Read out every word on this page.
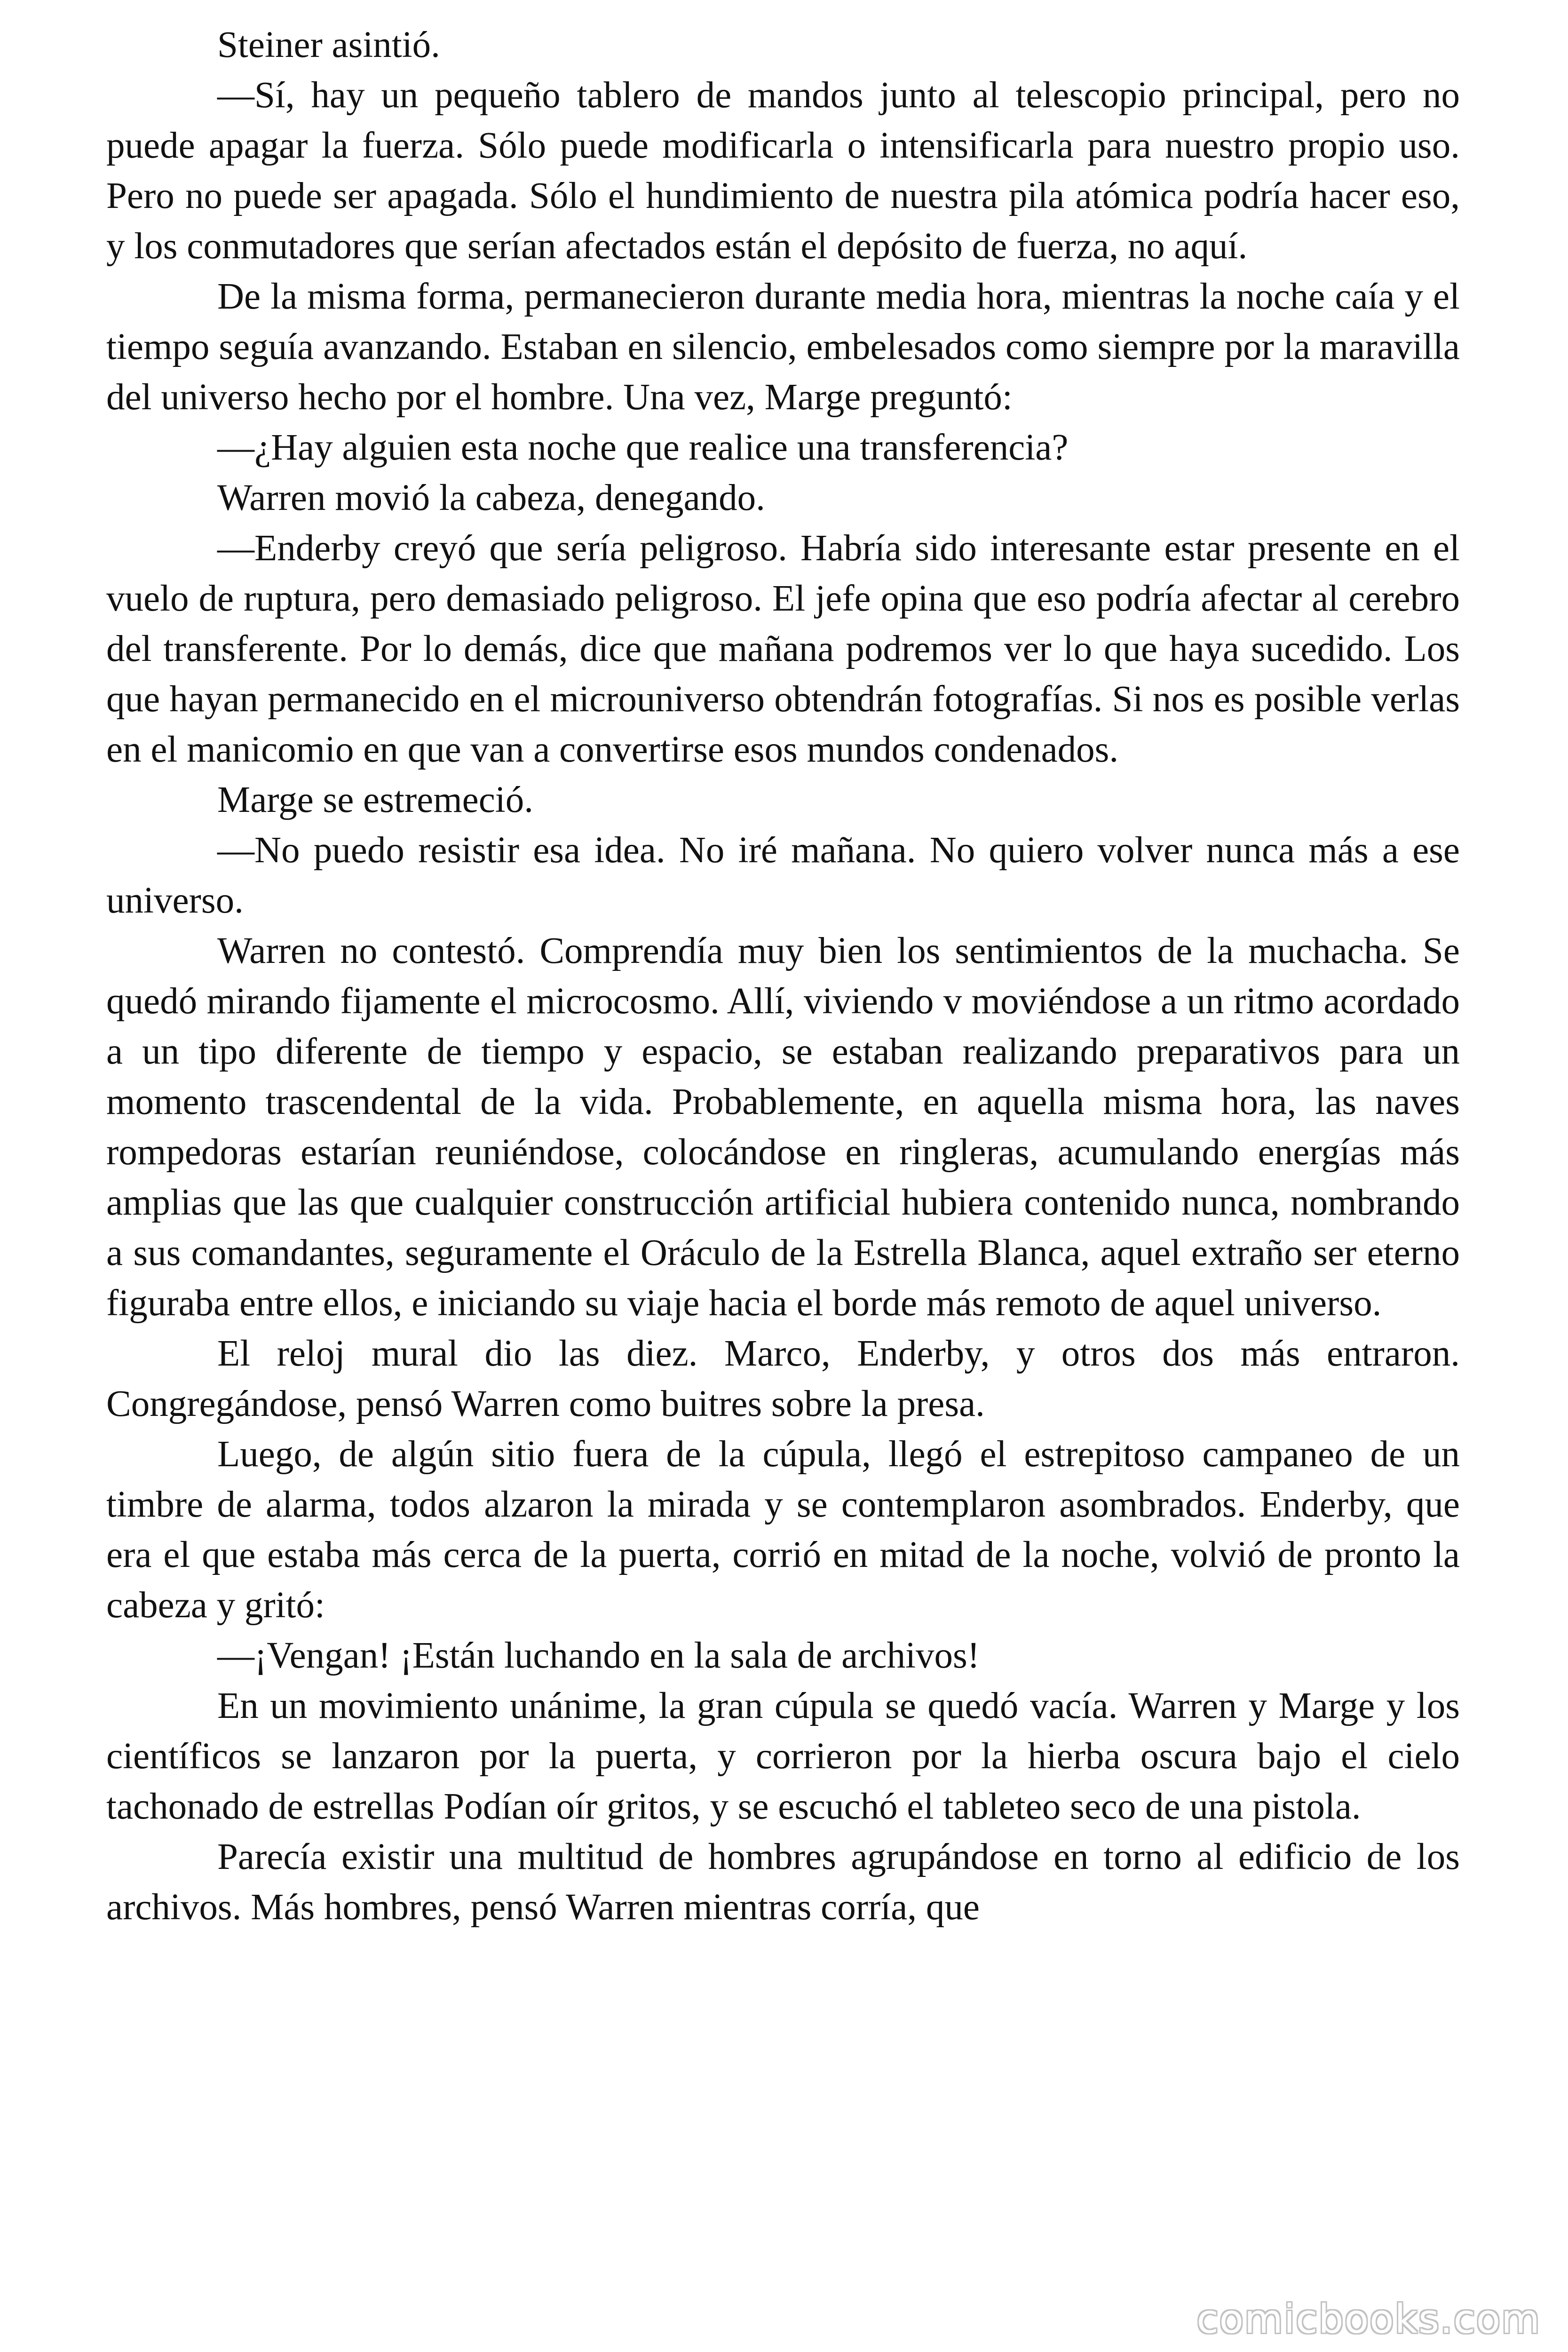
Steiner asintió.

—Sí, hay un pequeño tablero de mandos junto al telescopio principal, pero no puede apagar la fuerza. Sólo puede modificarla o intensificarla para nuestro propio uso. Pero no puede ser apagada. Sólo el hundimiento de nuestra pila atómica podría hacer eso, y los conmutadores que serían afectados están el depósito de fuerza, no aquí.

De la misma forma, permanecieron durante media hora, mientras la noche caía y el tiempo seguía avanzando. Estaban en silencio, embelesados como siempre por la maravilla del universo hecho por el hombre. Una vez, Marge preguntó:

—¿Hay alguien esta noche que realice una transferencia?

Warren movió la cabeza, denegando.

—Enderby creyó que sería peligroso. Habría sido interesante estar presente en el vuelo de ruptura, pero demasiado peligroso. El jefe opina que eso podría afectar al cerebro del transferente. Por lo demás, dice que mañana podremos ver lo que haya sucedido. Los que hayan permanecido en el microuniverso obtendrán fotografías. Si nos es posible verlas en el manicomio en que van a convertirse esos mundos condenados.

Marge se estremeció.

—No puedo resistir esa idea. No iré mañana. No quiero volver nunca más a ese universo.

Warren no contestó. Comprendía muy bien los sentimientos de la muchacha. Se quedó mirando fijamente el microcosmo. Allí, viviendo v moviéndose a un ritmo acordado a un tipo diferente de tiempo y espacio, se estaban realizando preparativos para un momento trascendental de la vida. Probablemente, en aquella misma hora, las naves rompedoras estarían reuniéndose, colocándose en ringleras, acumulando energías más amplias que las que cualquier construcción artificial hubiera contenido nunca, nombrando a sus comandantes, seguramente el Oráculo de la Estrella Blanca, aquel extraño ser eterno figuraba entre ellos, e iniciando su viaje hacia el borde más remoto de aquel universo.

El reloj mural dio las diez. Marco, Enderby, y otros dos más entraron. Congregándose, pensó Warren como buitres sobre la presa.

Luego, de algún sitio fuera de la cúpula, llegó el estrepitoso campaneo de un timbre de alarma, todos alzaron la mirada y se contemplaron asombrados. Enderby, que era el que estaba más cerca de la puerta, corrió en mitad de la noche, volvió de pronto la cabeza y gritó:

—¡Vengan! ¡Están luchando en la sala de archivos!

En un movimiento unánime, la gran cúpula se quedó vacía. Warren y Marge y los científicos se lanzaron por la puerta, y corrieron por la hierba oscura bajo el cielo tachonado de estrellas Podían oír gritos, y se escuchó el tableteo seco de una pistola.

Parecía existir una multitud de hombres agrupándose en torno al edificio de los archivos. Más hombres, pensó Warren mientras corría, que

comicbooks.com
